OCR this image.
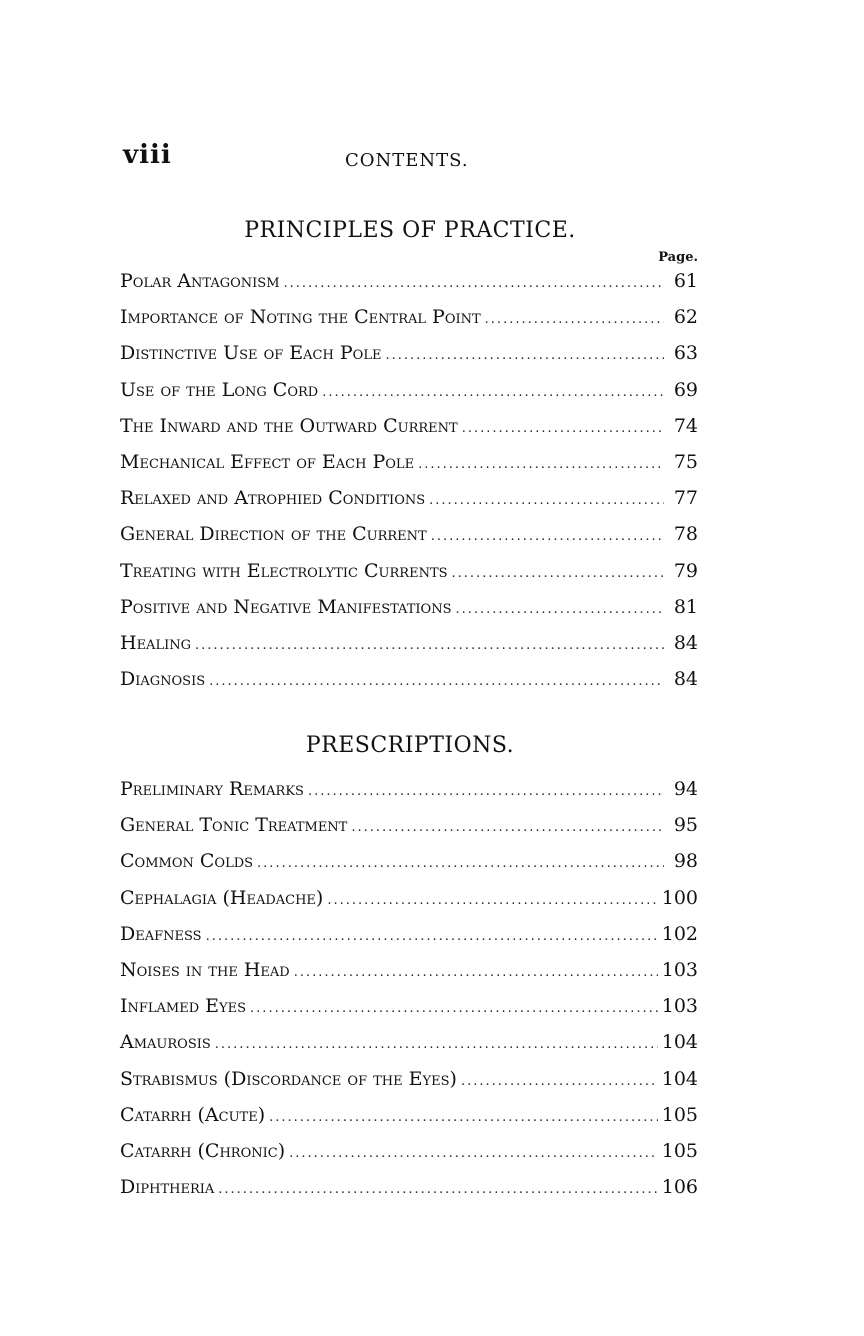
viii	CONTENTS.
PRINCIPLES OF PRACTICE.
Page.
Polar Antagonism .....	61
Importance of Noting the Central Point .....	62
Distinctive Use of Each Pole .....	63
Use of the Long Cord .....	69
The Inward and the Outward Current .....	74
Mechanical Effect of Each Pole .....	75
Relaxed and Atrophied Conditions .....	77
General Direction of the Current .....	78
Treating with Electrolytic Currents .....	79
Positive and Negative Manifestations .....	81
Healing .....	84
Diagnosis .....	84
PRESCRIPTIONS.
Preliminary Remarks .....	94
General Tonic Treatment .....	95
Common Colds .....	98
Cephalagia (Headache) .....	100
Deafness .....	102
Noises in the Head .....	103
Inflamed Eyes .....	103
Amaurosis .....	104
Strabismus (Discordance of the Eyes) .....	104
Catarrh (Acute) .....	105
Catarrh (Chronic) .....	105
Diphtheria .....	106
